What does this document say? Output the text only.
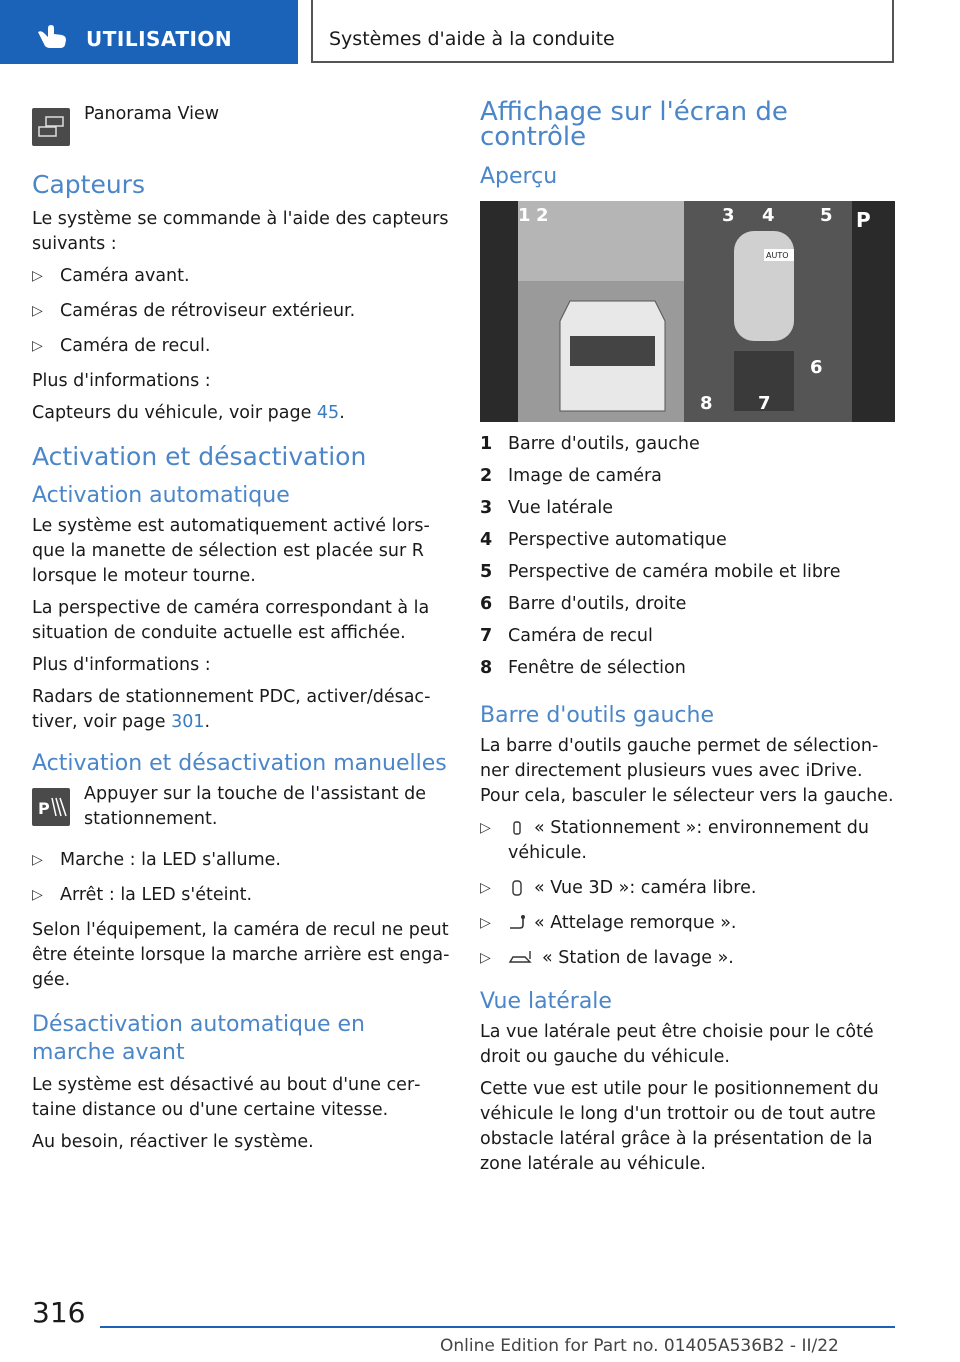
UTILISATION	Systèmes d'aide à la conduite
Panorama View
Capteurs

Le système se commande à l'aide des capteurs suivants :

▷ Caméra avant.
▷ Caméras de rétroviseur extérieur.
▷ Caméra de recul.

Plus d'informations :

Capteurs du véhicule, voir page 45.

Activation et désactivation
Activation automatique

Le système est automatiquement activé lorsque la manette de sélection est placée sur R lorsque le moteur tourne.

La perspective de caméra correspondant à la situation de conduite actuelle est affichée.

Plus d'informations :

Radars de stationnement PDC, activer/désactiver, voir page 301.

Activation et désactivation manuelles
P

Appuyer sur la touche de l'assistant de stationnement.

▷ Marche : la LED s'allume.
▷ Arrêt : la LED s'éteint.

Selon l'équipement, la caméra de recul ne peut être éteinte lorsque la marche arrière est engagée.

Désactivation automatique en marche avant

Le système est désactivé au bout d'une certaine distance ou d'une certaine vitesse.

Au besoin, réactiver le système.

Affichage sur l'écran de contrôle
Aperçu
P
AUTO
1 2	3 4	5
6
7
8
1 Barre d'outils, gauche
2 Image de caméra
3 Vue latérale
4 Perspective automatique
5 Perspective de caméra mobile et libre
6 Barre d'outils, droite
7 Caméra de recul
8 Fenêtre de sélection
Barre d'outils gauche

La barre d'outils gauche permet de sélectionner directement plusieurs vues avec iDrive. Pour cela, basculer le sélecteur vers la gauche.

▷ « Stationnement »: environnement du véhicule.
▷ « Vue 3D »: caméra libre.
▷ « Attelage remorque ».
▷ « Station de lavage ».
Vue latérale

La vue latérale peut être choisie pour le côté droit ou gauche du véhicule.

Cette vue est utile pour le positionnement du véhicule le long d'un trottoir ou de tout autre obstacle latéral grâce à la présentation de la zone latérale au véhicule.

316
Online Edition for Part no. 01405A536B2 - II/22
